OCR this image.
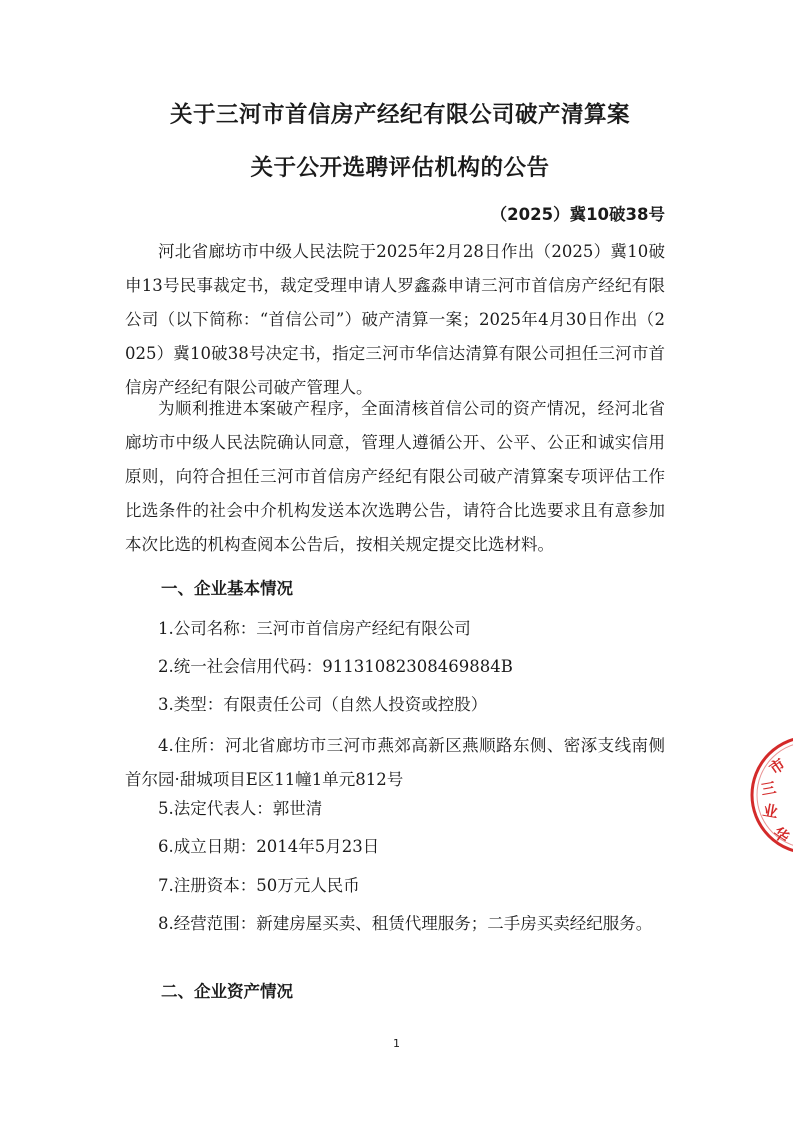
关于三河市首信房产经纪有限公司破产清算案
关于公开选聘评估机构的公告
（2025）冀10破38号

河北省廊坊市中级人民法院于2025年2月28日作出（2025）冀10破申13号民事裁定书，裁定受理申请人罗鑫淼申请三河市首信房产经纪有限公司（以下简称：“首信公司”）破产清算一案；2025年4月30日作出（2025）冀10破38号决定书，指定三河市华信达清算有限公司担任三河市首信房产经纪有限公司破产管理人。

为顺利推进本案破产程序，全面清核首信公司的资产情况，经河北省廊坊市中级人民法院确认同意，管理人遵循公开、公平、公正和诚实信用原则，向符合担任三河市首信房产经纪有限公司破产清算案专项评估工作比选条件的社会中介机构发送本次选聘公告，请符合比选要求且有意参加本次比选的机构查阅本公告后，按相关规定提交比选材料。

一、企业基本情况

1.公司名称：三河市首信房产经纪有限公司

2.统一社会信用代码：91131082308469884B

3.类型：有限责任公司（自然人投资或控股）

4.住所：河北省廊坊市三河市燕郊高新区燕顺路东侧、密涿支线南侧首尔园·甜城项目E区11幢1单元812号

5.法定代表人：郭世清

6.成立日期：2014年5月23日

7.注册资本：50万元人民币

8.经营范围：新建房屋买卖、租赁代理服务；二手房买卖经纪服务。

二、企业资产情况
1
市
三
业
华
